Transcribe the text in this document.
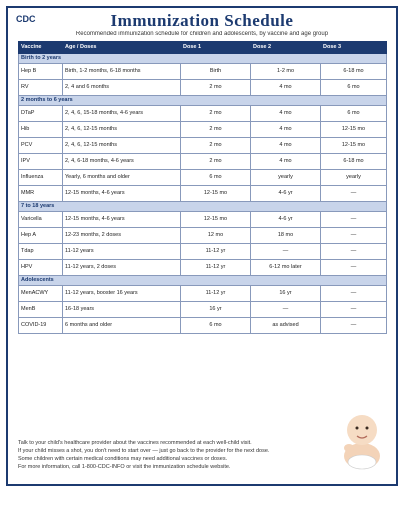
CDC	Immunization Schedule
Recommended immunization schedule for children and adolescents, by vaccine and age group
Vaccine	Age / Doses	Dose 1	Dose 2	Dose 3
Birth to 2 years				
Hep B	Birth, 1-2 months, 6-18 months	Birth	1-2 mo	6-18 mo
RV	2, 4 and 6 months	2 mo	4 mo	6 mo
2 months to 6 years				
DTaP	2, 4, 6, 15-18 months, 4-6 years	2 mo	4 mo	6 mo
Hib	2, 4, 6, 12-15 months	2 mo	4 mo	12-15 mo
PCV	2, 4, 6, 12-15 months	2 mo	4 mo	12-15 mo
IPV	2, 4, 6-18 months, 4-6 years	2 mo	4 mo	6-18 mo
Influenza	Yearly, 6 months and older	6 mo	yearly	yearly
MMR	12-15 months, 4-6 years	12-15 mo	4-6 yr	—
7 to 18 years				
Varicella	12-15 months, 4-6 years	12-15 mo	4-6 yr	—
Hep A	12-23 months, 2 doses	12 mo	18 mo	—
Tdap	11-12 years	11-12 yr	—	—
HPV	11-12 years, 2 doses	11-12 yr	6-12 mo later	—
Adolescents				
MenACWY	11-12 years, booster 16 years	11-12 yr	16 yr	—
MenB	16-18 years	16 yr	—	—
COVID-19	6 months and older	6 mo	as advised	—

Talk to your child's healthcare provider about the vaccines recommended at each well-child visit.

If your child misses a shot, you don't need to start over — just go back to the provider for the next dose.

Some children with certain medical conditions may need additional vaccines or doses.

For more information, call 1-800-CDC-INFO or visit the immunization schedule website.
